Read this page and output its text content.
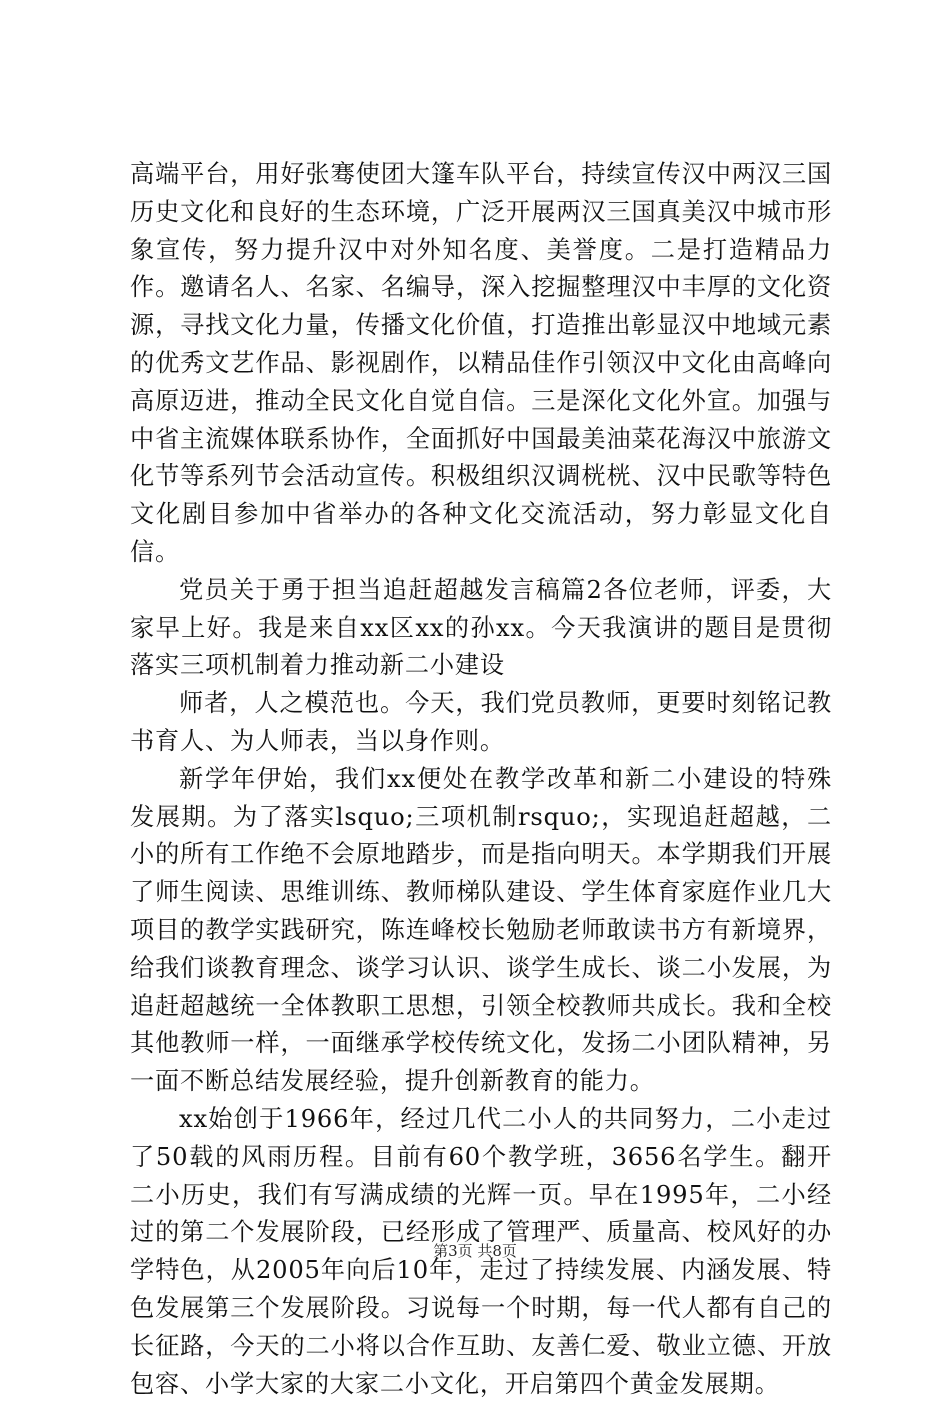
高端平台，用好张骞使团大篷车队平台，持续宣传汉中两汉三国历史文化和良好的生态环境，广泛开展两汉三国真美汉中城市形象宣传，努力提升汉中对外知名度、美誉度。二是打造精品力作。邀请名人、名家、名编导，深入挖掘整理汉中丰厚的文化资源，寻找文化力量，传播文化价值，打造推出彰显汉中地域元素的优秀文艺作品、影视剧作，以精品佳作引领汉中文化由高峰向高原迈进，推动全民文化自觉自信。三是深化文化外宣。加强与中省主流媒体联系协作，全面抓好中国最美油菜花海汉中旅游文化节等系列节会活动宣传。积极组织汉调桄桄、汉中民歌等特色文化剧目参加中省举办的各种文化交流活动，努力彰显文化自信。

党员关于勇于担当追赶超越发言稿篇2各位老师，评委，大家早上好。我是来自xx区xx的孙xx。今天我演讲的题目是贯彻落实三项机制着力推动新二小建设

师者，人之模范也。今天，我们党员教师，更要时刻铭记教书育人、为人师表，当以身作则。

新学年伊始，我们xx便处在教学改革和新二小建设的特殊发展期。为了落实lsquo;三项机制rsquo;，实现追赶超越，二小的所有工作绝不会原地踏步，而是指向明天。本学期我们开展了师生阅读、思维训练、教师梯队建设、学生体育家庭作业几大项目的教学实践研究，陈连峰校长勉励老师敢读书方有新境界，给我们谈教育理念、谈学习认识、谈学生成长、谈二小发展，为追赶超越统一全体教职工思想，引领全校教师共成长。我和全校其他教师一样，一面继承学校传统文化，发扬二小团队精神，另一面不断总结发展经验，提升创新教育的能力。

xx始创于1966年，经过几代二小人的共同努力，二小走过了50载的风雨历程。目前有60个教学班，3656名学生。翻开二小历史，我们有写满成绩的光辉一页。早在1995年，二小经过的第二个发展阶段，已经形成了管理严、质量高、校风好的办学特色，从2005年向后10年，走过了持续发展、内涵发展、特色发展第三个发展阶段。习说每一个时期，每一代人都有自己的长征路，今天的二小将以合作互助、友善仁爱、敬业立德、开放包容、小学大家的大家二小文化，开启第四个黄金发展期。

第3页 共8页
